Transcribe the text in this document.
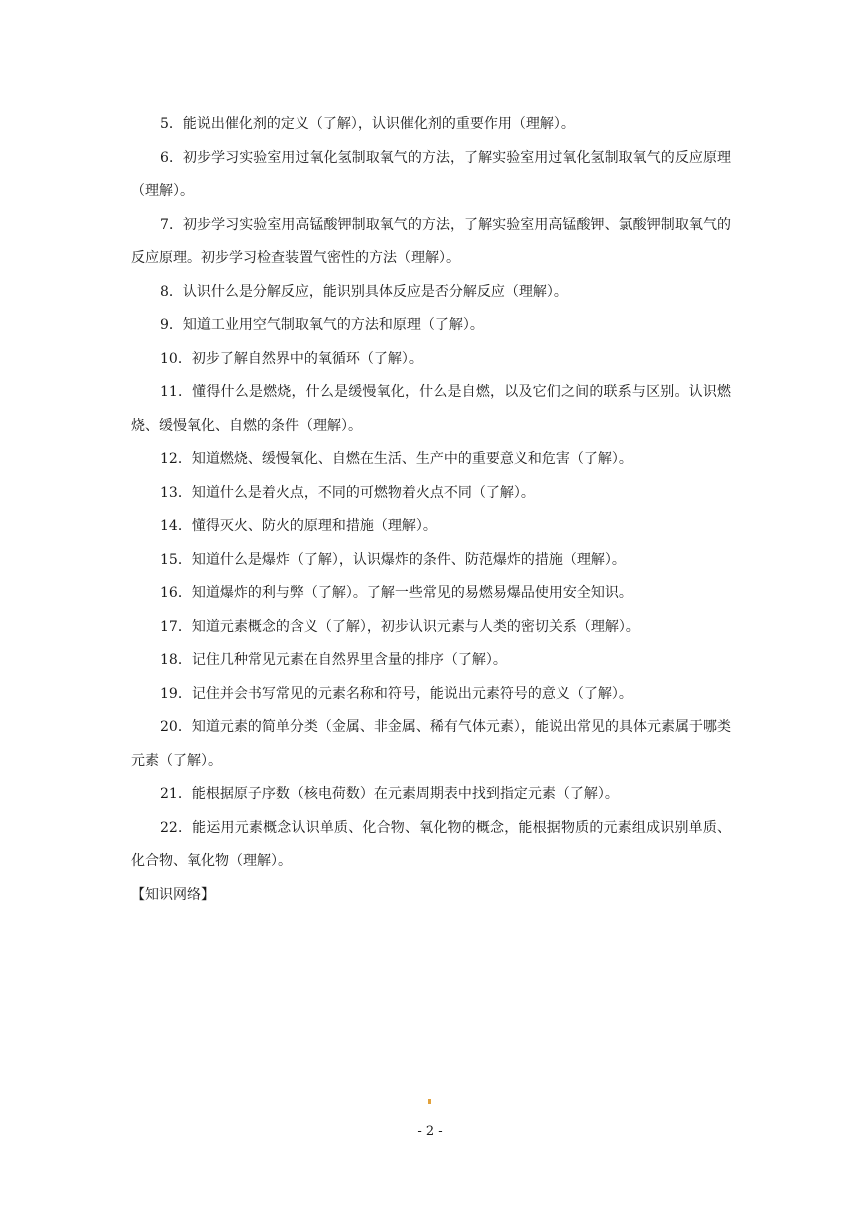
5．能说出催化剂的定义（了解），认识催化剂的重要作用（理解）。

6．初步学习实验室用过氧化氢制取氧气的方法，了解实验室用过氧化氢制取氧气的反应原理（理解）。

7．初步学习实验室用高锰酸钾制取氧气的方法，了解实验室用高锰酸钾、氯酸钾制取氧气的反应原理。初步学习检查装置气密性的方法（理解）。

8．认识什么是分解反应，能识别具体反应是否分解反应（理解）。

9．知道工业用空气制取氧气的方法和原理（了解）。

10．初步了解自然界中的氧循环（了解）。

11．懂得什么是燃烧，什么是缓慢氧化，什么是自燃，以及它们之间的联系与区别。认识燃烧、缓慢氧化、自燃的条件（理解）。

12．知道燃烧、缓慢氧化、自燃在生活、生产中的重要意义和危害（了解）。

13．知道什么是着火点，不同的可燃物着火点不同（了解）。

14．懂得灭火、防火的原理和措施（理解）。

15．知道什么是爆炸（了解），认识爆炸的条件、防范爆炸的措施（理解）。

16．知道爆炸的利与弊（了解）。了解一些常见的易燃易爆品使用安全知识。

17．知道元素概念的含义（了解），初步认识元素与人类的密切关系（理解）。

18．记住几种常见元素在自然界里含量的排序（了解）。

19．记住并会书写常见的元素名称和符号，能说出元素符号的意义（了解）。

20．知道元素的简单分类（金属、非金属、稀有气体元素），能说出常见的具体元素属于哪类元素（了解）。

21．能根据原子序数（核电荷数）在元素周期表中找到指定元素（了解）。

22．能运用元素概念认识单质、化合物、氧化物的概念，能根据物质的元素组成识别单质、化合物、氧化物（理解）。

【知识网络】

- 2 -
